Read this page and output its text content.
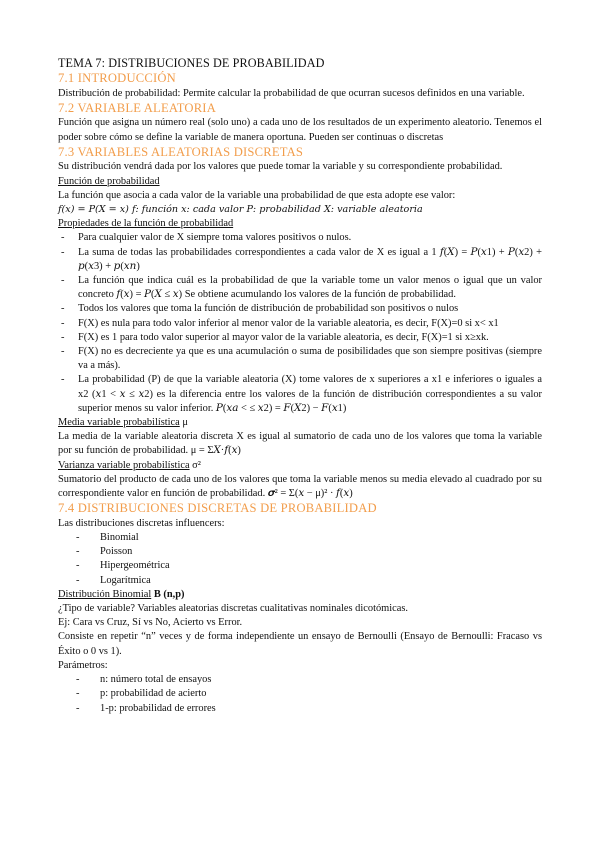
TEMA 7: DISTRIBUCIONES DE PROBABILIDAD
7.1 INTRODUCCIÓN
Distribución de probabilidad: Permite calcular la probabilidad de que ocurran sucesos definidos en una variable.
7.2 VARIABLE ALEATORIA
Función que asigna un número real (solo uno) a cada uno de los resultados de un experimento aleatorio. Tenemos el poder sobre cómo se define la variable de manera oportuna. Pueden ser continuas o discretas
7.3 VARIABLES ALEATORIAS DISCRETAS
Su distribución vendrá dada por los valores que puede tomar la variable y su correspondiente probabilidad.
Función de probabilidad
La función que asocia a cada valor de la variable una probabilidad de que esta adopte ese valor:
𝑓(𝑥) = 𝑃(𝑋 = 𝑥) 𝑓: 𝑓𝑢𝑛𝑐𝑖ó𝑛 𝑥: 𝑐𝑎𝑑𝑎 𝑣𝑎𝑙𝑜𝑟 𝑃: 𝑝𝑟𝑜𝑏𝑎𝑏𝑖𝑙𝑖𝑑𝑎𝑑 𝑋: 𝑣𝑎𝑟𝑖𝑎𝑏𝑙𝑒 𝑎𝑙𝑒𝑎𝑡𝑜𝑟𝑖𝑎
Propiedades de la función de probabilidad
- Para cualquier valor de X siempre toma valores positivos o nulos.
- La suma de todas las probabilidades correspondientes a cada valor de X es igual a 1 𝑓(𝑋) = 𝑃(𝑥1) + 𝑃(𝑥2) + 𝑝(𝑥3) + 𝑝(𝑥𝑛)
- La función que indica cuál es la probabilidad de que la variable tome un valor menos o igual que un valor concreto 𝑓(𝑥) = 𝑃(𝑋 ≤ 𝑥) Se obtiene acumulando los valores de la función de probabilidad.
- Todos los valores que toma la función de distribución de probabilidad son positivos o nulos
- F(X) es nula para todo valor inferior al menor valor de la variable aleatoria, es decir, F(X)=0 si x< x1
- F(X) es 1 para todo valor superior al mayor valor de la variable aleatoria, es decir, F(X)=1 si x≥xk.
- F(X) no es decreciente ya que es una acumulación o suma de posibilidades que son siempre positivas (siempre va a más).
- La probabilidad (P) de que la variable aleatoria (X) tome valores de x superiores a x1 e inferiores o iguales a x2 (𝑥1 < 𝑥 ≤ 𝑥2) es la diferencia entre los valores de la función de distribución correspondientes a su valor superior menos su valor inferior. 𝑃(𝑥𝑎 < ≤ 𝑥2) = 𝐹(𝑋2) − 𝐹(𝑥1)
Media variable probabilística μ
La media de la variable aleatoria discreta X es igual al sumatorio de cada uno de los valores que toma la variable por su función de probabilidad. μ = Σ𝑋·𝑓(𝑥)
Varianza variable probabilística σ²
Sumatorio del producto de cada uno de los valores que toma la variable menos su media elevado al cuadrado por su correspondiente valor en función de probabilidad. 𝝈² = Σ(𝑥 − μ)² · 𝑓(𝑥)
7.4 DISTRIBUCIONES DISCRETAS DE PROBABILIDAD
Las distribuciones discretas influencers:
- Binomial
- Poisson
- Hipergeométrica
- Logarítmica
Distribución Binomial B (n,p)
¿Tipo de variable? Variables aleatorias discretas cualitativas nominales dicotómicas.
Ej: Cara vs Cruz, Sí vs No, Acierto vs Error.
Consiste en repetir “n” veces y de forma independiente un ensayo de Bernoulli (Ensayo de Bernoulli: Fracaso vs Éxito o 0 vs 1).
Parámetros:
- n: número total de ensayos
- p: probabilidad de acierto
- 1-p: probabilidad de errores
